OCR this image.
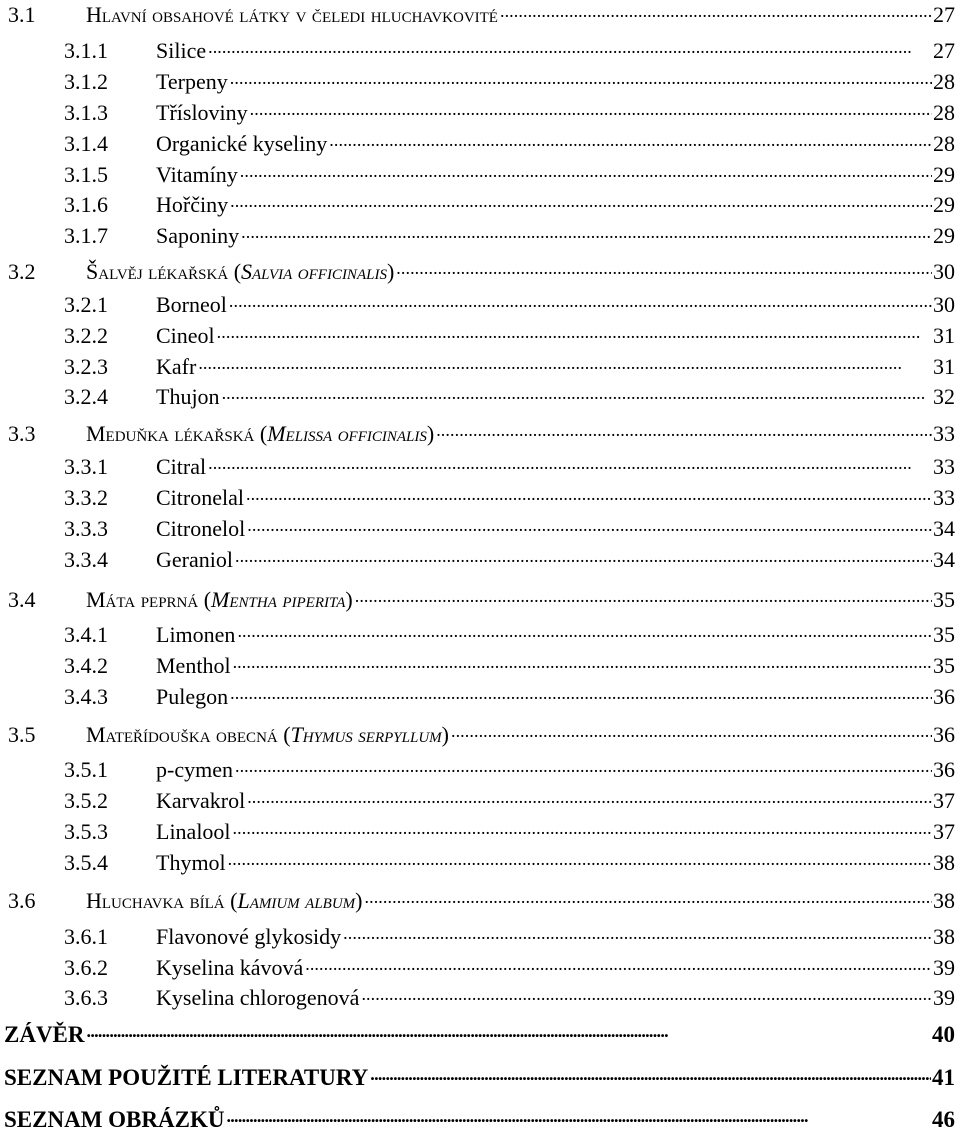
3.1	Hlavní obsahové látky v čeledi hluchavkovité . . .	27
3.1.1	Silice . . .	27
3.1.2	Terpeny . . .	28
3.1.3	Třísloviny . . .	28
3.1.4	Organické kyseliny . . .	28
3.1.5	Vitamíny . . .	29
3.1.6	Hořčiny . . .	29
3.1.7	Saponiny . . .	29
3.2	Šalvěj lékařská (Salvia officinalis) . . .	30
3.2.1	Borneol . . .	30
3.2.2	Cineol . . .	31
3.2.3	Kafr . . .	31
3.2.4	Thujon . . .	32
3.3	Meduňka lékařská (Melissa officinalis) . . .	33
3.3.1	Citral . . .	33
3.3.2	Citronelal . . .	33
3.3.3	Citronelol . . .	34
3.3.4	Geraniol . . .	34
3.4	Máta peprná (Mentha piperita) . . .	35
3.4.1	Limonen . . .	35
3.4.2	Menthol . . .	35
3.4.3	Pulegon . . .	36
3.5	Mateřídouška obecná (Thymus serpyllum) . . .	36
3.5.1	p-cymen . . .	36
3.5.2	Karvakrol . . .	37
3.5.3	Linalool . . .	37
3.5.4	Thymol . . .	38
3.6	Hluchavka bílá (Lamium album) . . .	38
3.6.1	Flavonové glykosidy . . .	38
3.6.2	Kyselina kávová . . .	39
3.6.3	Kyselina chlorogenová . . .	39
ZÁVĚR . . .	40
SEZNAM POUŽITÉ LITERATURY . . .	41
SEZNAM OBRÁZKŮ . . .	46
